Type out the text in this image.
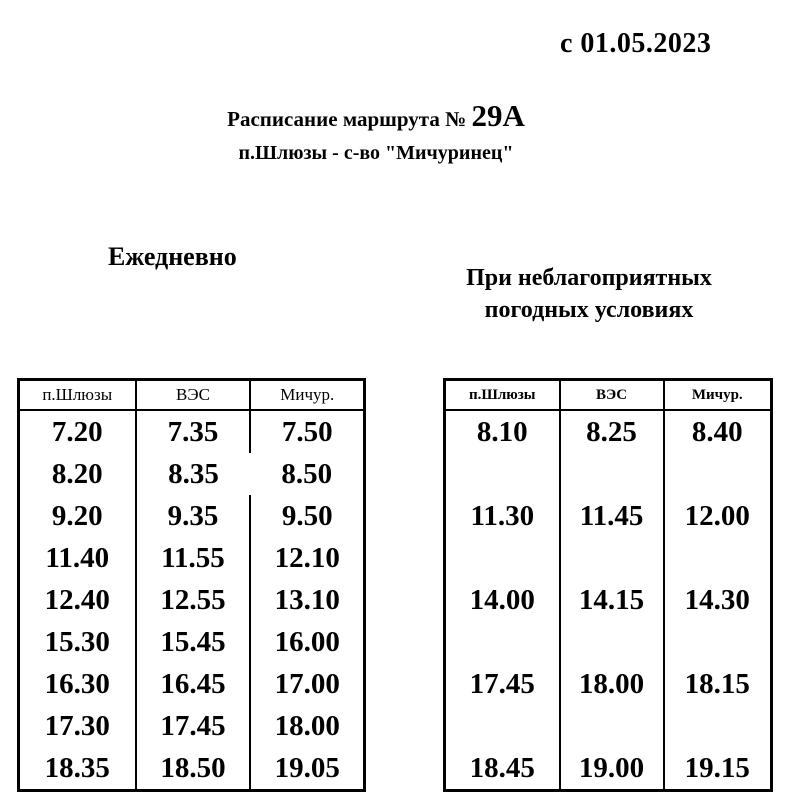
с 01.05.2023
Расписание маршрута № 29А
п.Шлюзы - с-во "Мичуринец"
Ежедневно
При неблагоприятных
погодных условиях
п.Шлюзы	ВЭС	Мичур.
7.20	7.35	7.50
8.20	8.35	8.50
9.20	9.35	9.50
11.40	11.55	12.10
12.40	12.55	13.10
15.30	15.45	16.00
16.30	16.45	17.00
17.30	17.45	18.00
18.35	18.50	19.05
п.Шлюзы	ВЭС	Мичур.
8.10	8.25	8.40

11.30	11.45	12.00

14.00	14.15	14.30

17.45	18.00	18.15

18.45	19.00	19.15
